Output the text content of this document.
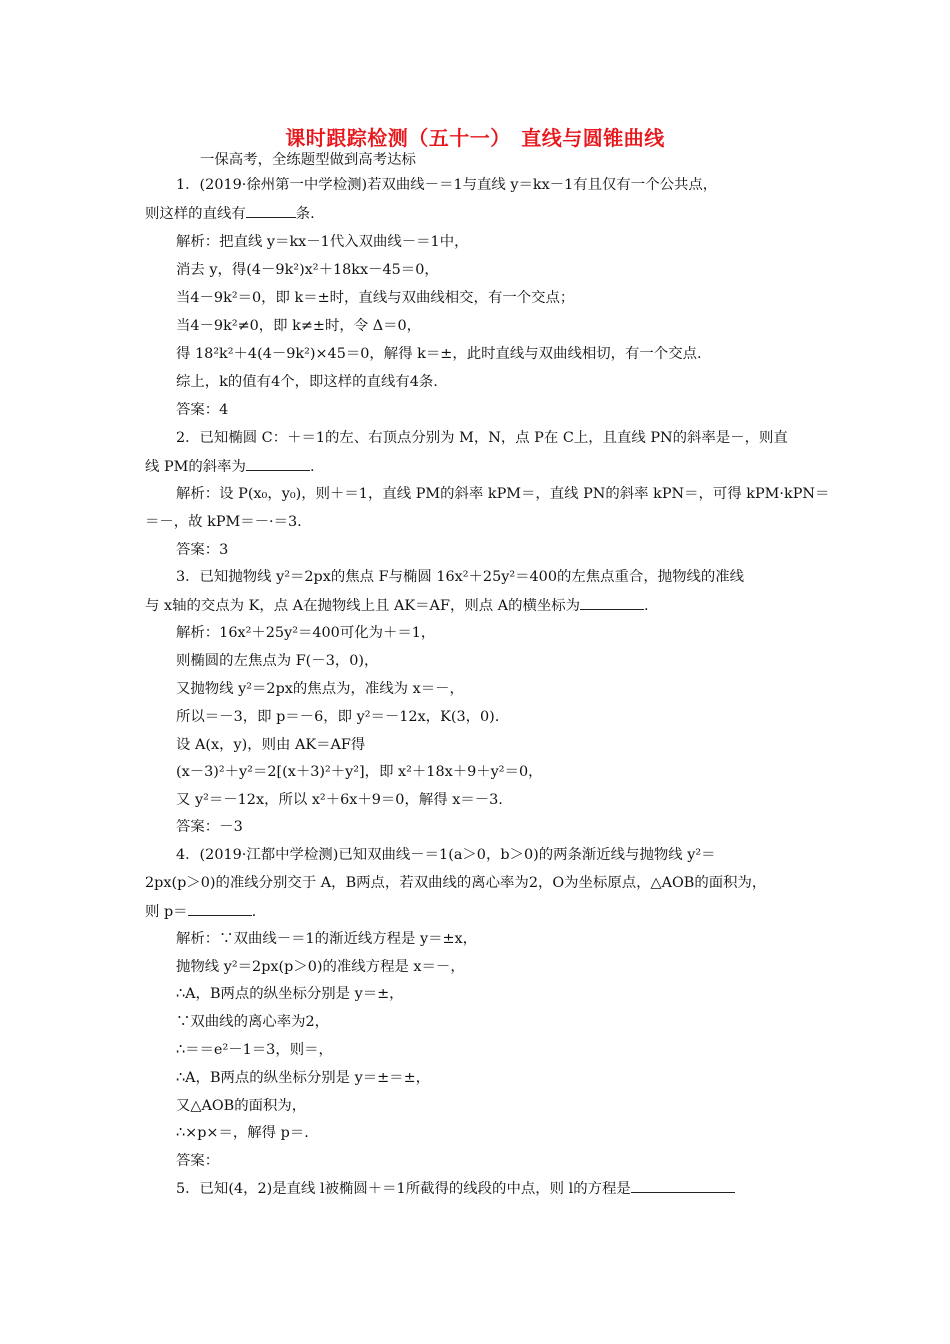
课时跟踪检测（五十一）　直线与圆锥曲线
一保高考，全练题型做到高考达标
1．(2019·徐州第一中学检测)若双曲线－＝1与直线 y＝kx－1有且仅有一个公共点，
则这样的直线有	条.
解析：把直线 y＝kx－1代入双曲线－＝1中，
消去 y，得(4－9k²)x²＋18kx－45＝0，
当4－9k²＝0，即 k＝±时，直线与双曲线相交，有一个交点；
当4－9k²≠0，即 k≠±时，令 Δ＝0，
得 18²k²＋4(4－9k²)×45＝0，解得 k＝±，此时直线与双曲线相切，有一个交点.
综上，k的值有4个，即这样的直线有4条.
答案：4
2．已知椭圆 C：＋＝1的左、右顶点分别为 M，N，点 P在 C上，且直线 PN的斜率是－，则直
线 PM的斜率为	.
解析：设 P(x₀，y₀)，则＋＝1，直线 PM的斜率 kPM＝，直线 PN的斜率 kPN＝，可得 kPM·kPN＝
＝－，故 kPM＝－·＝3.
答案：3
3．已知抛物线 y²＝2px的焦点 F与椭圆 16x²＋25y²＝400的左焦点重合，抛物线的准线
与 x轴的交点为 K，点 A在抛物线上且 AK＝AF，则点 A的横坐标为	.
解析：16x²＋25y²＝400可化为＋＝1，
则椭圆的左焦点为 F(－3，0)，
又抛物线 y²＝2px的焦点为，准线为 x＝－，
所以＝－3，即 p＝－6，即 y²＝－12x，K(3，0).
设 A(x，y)，则由 AK＝AF得
(x－3)²＋y²＝2[(x＋3)²＋y²]，即 x²＋18x＋9＋y²＝0，
又 y²＝－12x，所以 x²＋6x＋9＝0，解得 x＝－3.
答案：－3
4．(2019·江都中学检测)已知双曲线－＝1(a＞0，b＞0)的两条渐近线与抛物线 y²＝
2px(p＞0)的准线分别交于 A，B两点，若双曲线的离心率为2，O为坐标原点，△AOB的面积为，
则 p＝	.
解析：∵双曲线－＝1的渐近线方程是 y＝±x，
抛物线 y²＝2px(p＞0)的准线方程是 x＝－，
∴A，B两点的纵坐标分别是 y＝±，
∵双曲线的离心率为2，
∴＝＝e²－1＝3，则＝，
∴A，B两点的纵坐标分别是 y＝±＝±，
又△AOB的面积为，
∴×p×＝，解得 p＝.
答案：
5．已知(4，2)是直线 l被椭圆＋＝1所截得的线段的中点，则 l的方程是
